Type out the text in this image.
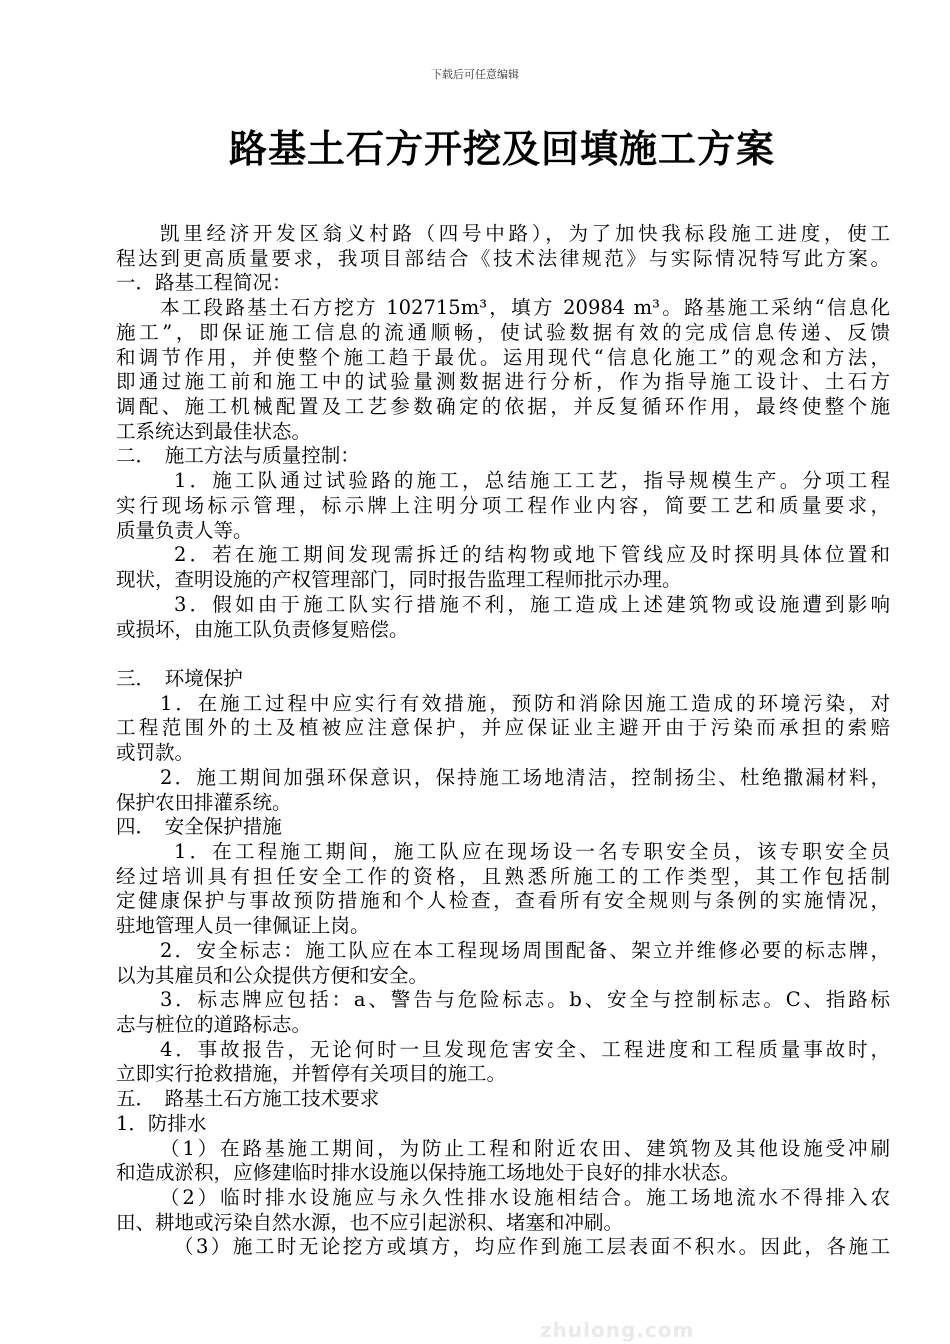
下载后可任意编辑
路基土石方开挖及回填施工方案
凯里经济开发区翁义村路（四号中路），为了加快我标段施工进度，使工
程达到更高质量要求，我项目部结合《技术法律规范》与实际情况特写此方案。
一．路基工程简况：
本工段路基土石方挖方 102715m³，填方 20984 m³。路基施工采纳“信息化
施工”，即保证施工信息的流通顺畅，使试验数据有效的完成信息传递、反馈
和调节作用，并使整个施工趋于最优。运用现代“信息化施工”的观念和方法，
即通过施工前和施工中的试验量测数据进行分析，作为指导施工设计、土石方
调配、施工机械配置及工艺参数确定的依据，并反复循环作用，最终使整个施
工系统达到最佳状态。
二．　施工方法与质量控制：
1．施工队通过试验路的施工，总结施工工艺，指导规模生产。分项工程
实行现场标示管理，标示牌上注明分项工程作业内容，简要工艺和质量要求，
质量负责人等。
2．若在施工期间发现需拆迁的结构物或地下管线应及时探明具体位置和
现状，查明设施的产权管理部门，同时报告监理工程师批示办理。
3．假如由于施工队实行措施不利，施工造成上述建筑物或设施遭到影响
或损坏，由施工队负责修复赔偿。
三．　环境保护
1．在施工过程中应实行有效措施，预防和消除因施工造成的环境污染，对
工程范围外的土及植被应注意保护，并应保证业主避开由于污染而承担的索赔
或罚款。
2．施工期间加强环保意识，保持施工场地清洁，控制扬尘、杜绝撒漏材料，
保护农田排灌系统。
四．　安全保护措施
1．在工程施工期间，施工队应在现场设一名专职安全员，该专职安全员
经过培训具有担任安全工作的资格，且熟悉所施工的工作类型，其工作包括制
定健康保护与事故预防措施和个人检查，查看所有安全规则与条例的实施情况，
驻地管理人员一律佩证上岗。
2．安全标志：施工队应在本工程现场周围配备、架立并维修必要的标志牌，
以为其雇员和公众提供方便和安全。
3．标志牌应包括：a、警告与危险标志。b、安全与控制标志。C、指路标
志与桩位的道路标志。
4．事故报告，无论何时一旦发现危害安全、工程进度和工程质量事故时，
立即实行抢救措施，并暂停有关项目的施工。
五．　路基土石方施工技术要求
1．防排水
（1）在路基施工期间，为防止工程和附近农田、建筑物及其他设施受冲刷
和造成淤积，应修建临时排水设施以保持施工场地处于良好的排水状态。
（2）临时排水设施应与永久性排水设施相结合。施工场地流水不得排入农
田、耕地或污染自然水源，也不应引起淤积、堵塞和冲刷。
（3）施工时无论挖方或填方，均应作到施工层表面不积水。因此，各施工
zhulong.com
